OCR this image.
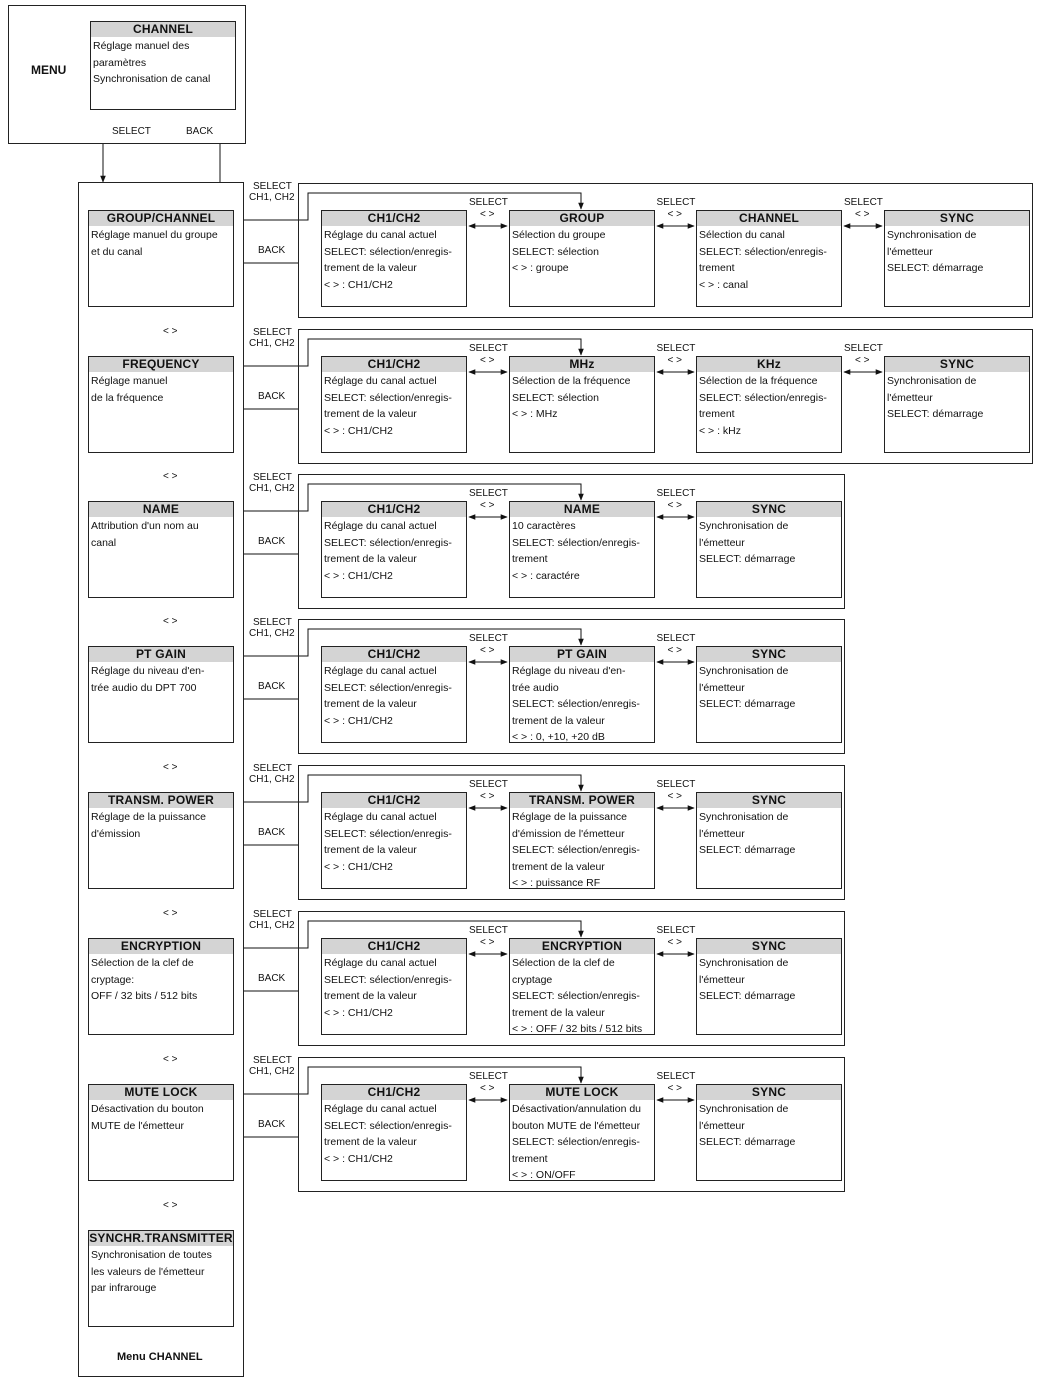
MENU
CHANNEL
Réglage manuel des
paramètres
Synchronisation de canal
SELECT	BACK
Menu CHANNEL
GROUP/CHANNEL
Réglage manuel du groupe
et du canal
< >
FREQUENCY
Réglage manuel
de la fréquence
< >
NAME
Attribution d'un nom au
canal
< >
PT GAIN
Réglage du niveau d'en-
trée audio du DPT 700
< >
TRANSM. POWER
Réglage de la puissance
d'émission
< >
ENCRYPTION
Sélection de la clef de
cryptage:
OFF / 32 bits / 512 bits
< >
MUTE LOCK
Désactivation du bouton
MUTE de l'émetteur
< >
SYNCHR.TRANSMITTER
Synchronisation de toutes
les valeurs de l'émetteur
par infrarouge
CH1/CH2
Réglage du canal actuel
SELECT: sélection/enregis-
trement de la valeur
< > : CH1/CH2
GROUP
Sélection du groupe
SELECT: sélection
< > : groupe
CHANNEL
Sélection du canal
SELECT: sélection/enregis-
trement
< > : canal
SYNC
Synchronisation de
l'émetteur
SELECT: démarrage
SELECT
CH1, CH2
BACK
SELECT
< >
SELECT
< >
SELECT
< >
CH1/CH2
Réglage du canal actuel
SELECT: sélection/enregis-
trement de la valeur
< > : CH1/CH2
MHz
Sélection de la fréquence
SELECT: sélection
< > : MHz
KHz
Sélection de la fréquence
SELECT: sélection/enregis-
trement
< > : kHz
SYNC
Synchronisation de
l'émetteur
SELECT: démarrage
SELECT
CH1, CH2
BACK
SELECT
< >
SELECT
< >
SELECT
< >
CH1/CH2
Réglage du canal actuel
SELECT: sélection/enregis-
trement de la valeur
< > : CH1/CH2
NAME
10 caractères
SELECT: sélection/enregis-
trement
< > : caractére
SYNC
Synchronisation de
l'émetteur
SELECT: démarrage
SELECT
CH1, CH2
BACK
SELECT
< >
SELECT
< >
CH1/CH2
Réglage du canal actuel
SELECT: sélection/enregis-
trement de la valeur
< > : CH1/CH2
PT GAIN
Réglage du niveau d'en-
trée audio
SELECT: sélection/enregis-
trement de la valeur
< > : 0, +10, +20 dB
SYNC
Synchronisation de
l'émetteur
SELECT: démarrage
SELECT
CH1, CH2
BACK
SELECT
< >
SELECT
< >
CH1/CH2
Réglage du canal actuel
SELECT: sélection/enregis-
trement de la valeur
< > : CH1/CH2
TRANSM. POWER
Réglage de la puissance
d'émission de l'émetteur
SELECT: sélection/enregis-
trement de la valeur
< > : puissance RF
SYNC
Synchronisation de
l'émetteur
SELECT: démarrage
SELECT
CH1, CH2
BACK
SELECT
< >
SELECT
< >
CH1/CH2
Réglage du canal actuel
SELECT: sélection/enregis-
trement de la valeur
< > : CH1/CH2
ENCRYPTION
Sélection de la clef de
cryptage
SELECT: sélection/enregis-
trement de la valeur
< > : OFF / 32 bits / 512 bits
SYNC
Synchronisation de
l'émetteur
SELECT: démarrage
SELECT
CH1, CH2
BACK
SELECT
< >
SELECT
< >
CH1/CH2
Réglage du canal actuel
SELECT: sélection/enregis-
trement de la valeur
< > : CH1/CH2
MUTE LOCK
Désactivation/annulation du
bouton MUTE de l'émetteur
SELECT: sélection/enregis-
trement
< > : ON/OFF
SYNC
Synchronisation de
l'émetteur
SELECT: démarrage
SELECT
CH1, CH2
BACK
SELECT
< >
SELECT
< >
